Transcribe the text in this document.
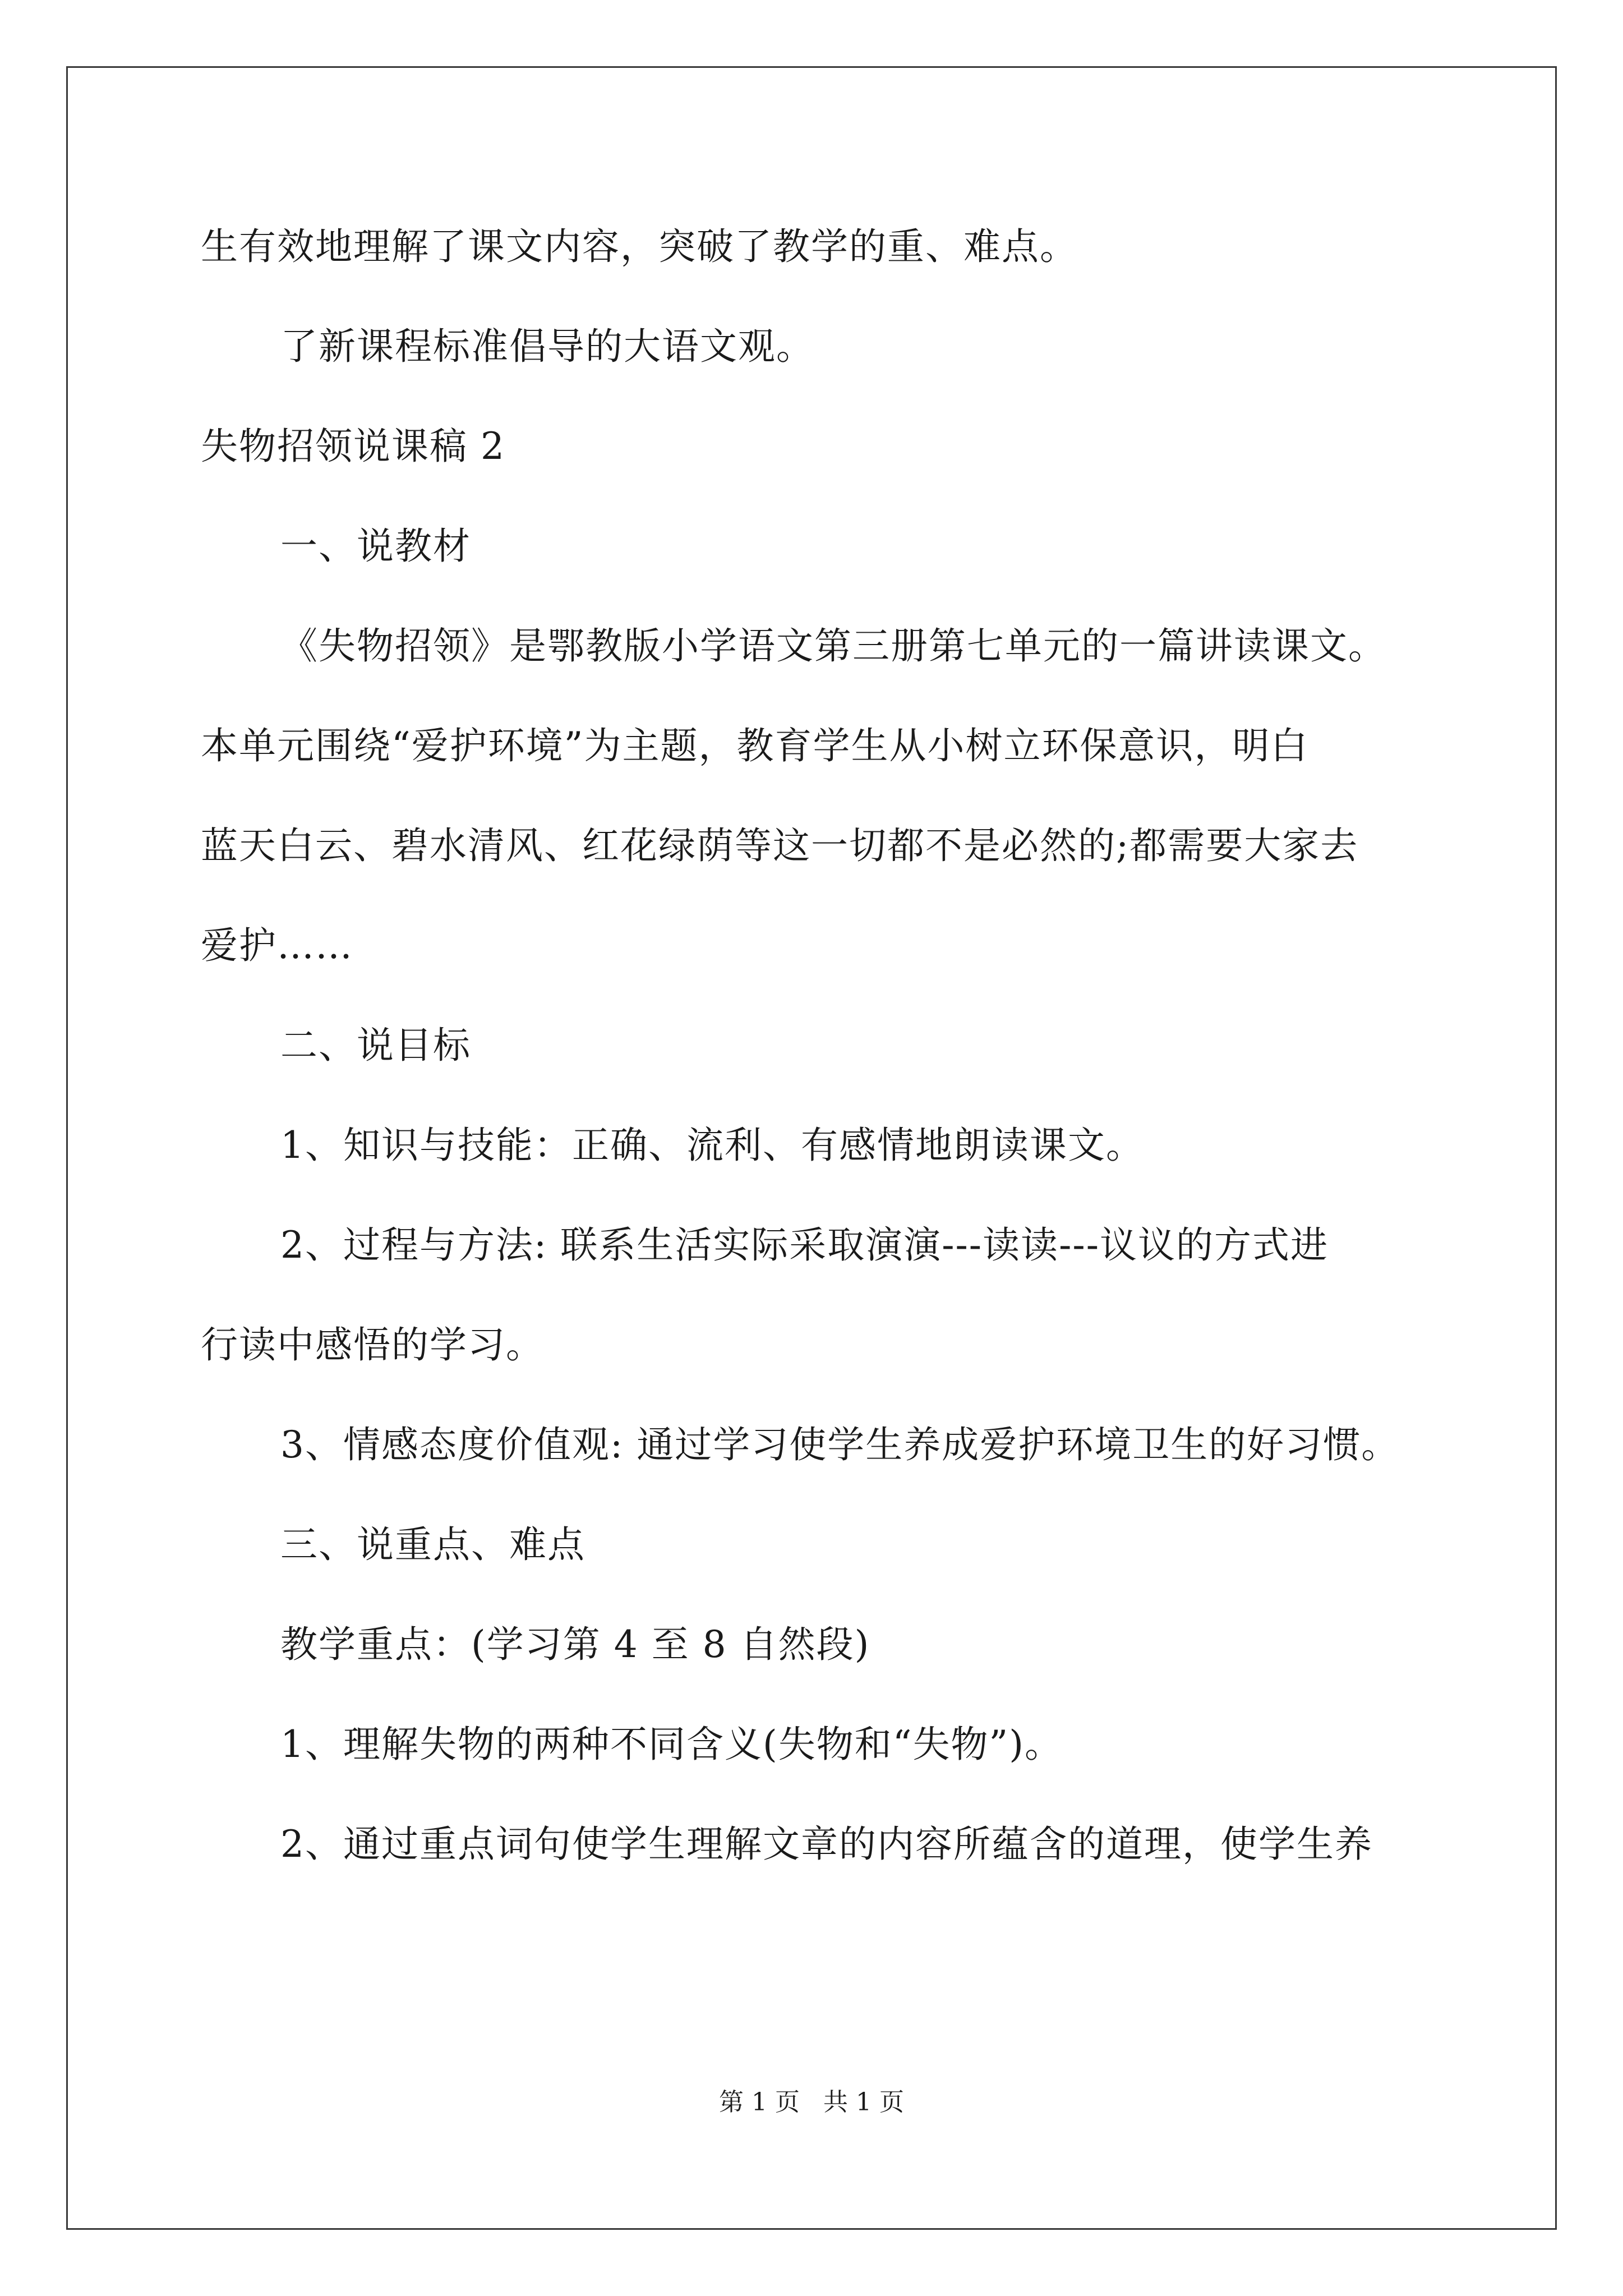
生有效地理解了课文内容，突破了教学的重、难点。
了新课程标准倡导的大语文观。
失物招领说课稿 2
一、说教材
《失物招领》是鄂教版小学语文第三册第七单元的一篇讲读课文。
本单元围绕“爱护环境”为主题，教育学生从小树立环保意识，明白
蓝天白云、碧水清风、红花绿荫等这一切都不是必然的;都需要大家去
爱护……
二、说目标
1、知识与技能：正确、流利、有感情地朗读课文。
2、过程与方法: 联系生活实际采取演演---读读---议议的方式进
行读中感悟的学习。
3、情感态度价值观: 通过学习使学生养成爱护环境卫生的好习惯。
三、说重点、难点
教学重点：(学习第 4 至 8 自然段)
1、理解失物的两种不同含义(失物和“失物”)。
2、通过重点词句使学生理解文章的内容所蕴含的道理，使学生养
第 1 页   共 1 页
